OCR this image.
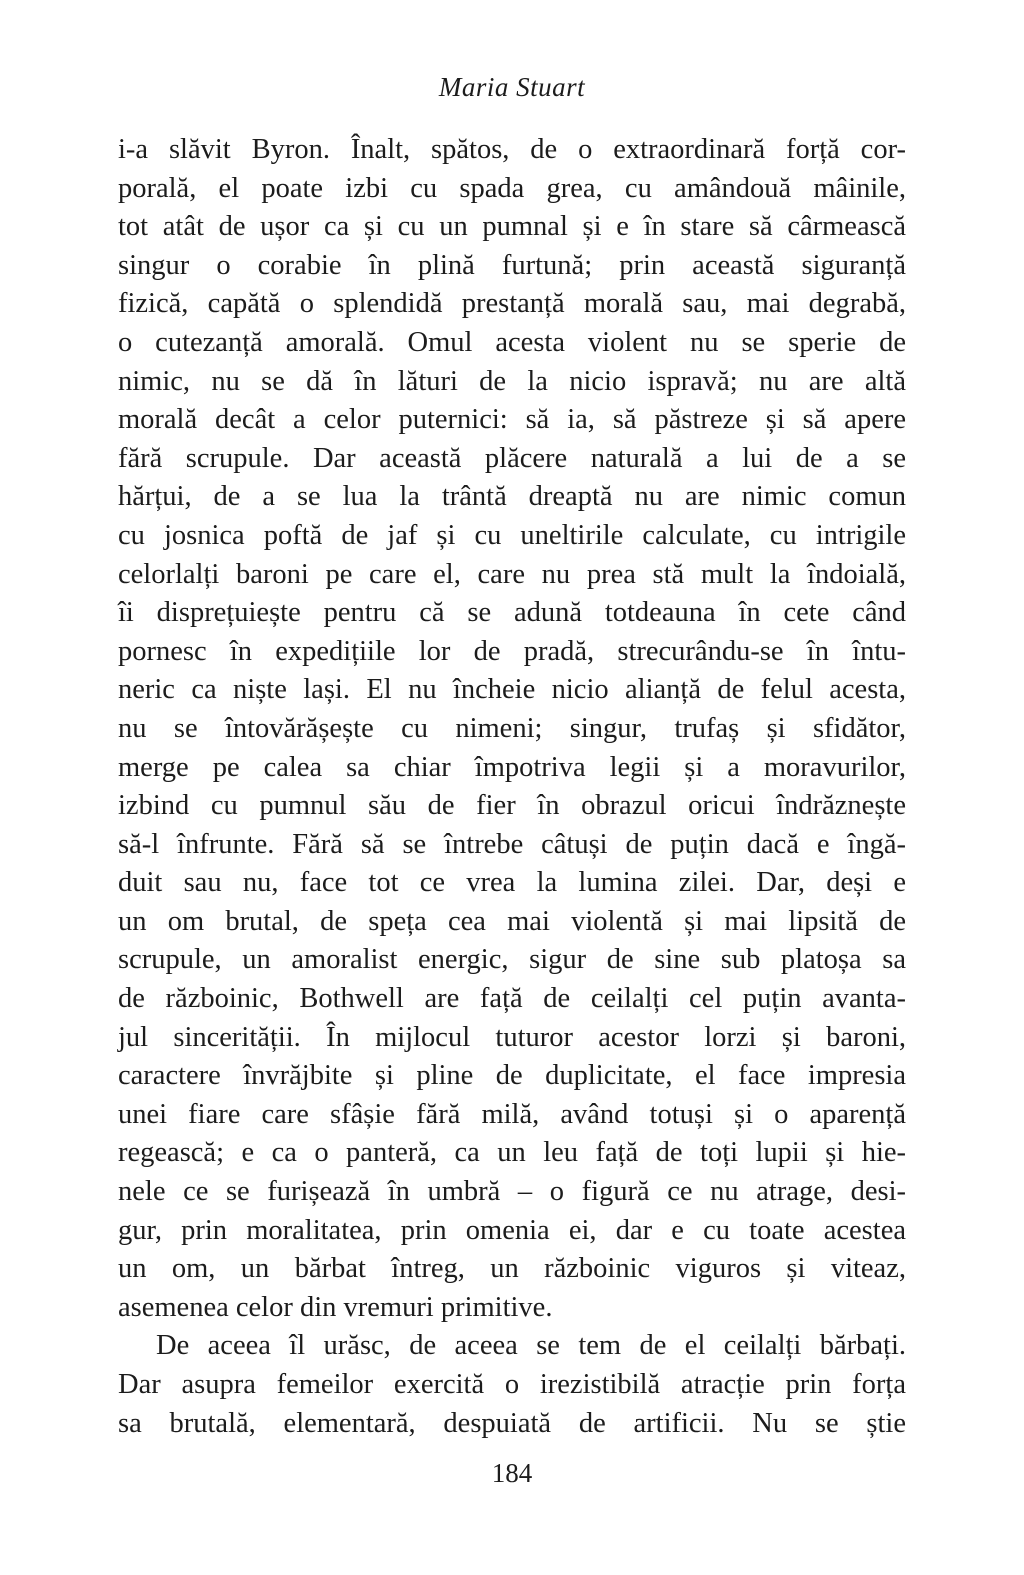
Maria Stuart
i-a slăvit Byron. Înalt, spătos, de o extraordinară forță cor-
porală, el poate izbi cu spada grea, cu amândouă mâinile,
tot atât de ușor ca și cu un pumnal și e în stare să cârmească
singur o corabie în plină furtună; prin această siguranță
fizică, capătă o splendidă prestanță morală sau, mai degrabă,
o cutezanță amorală. Omul acesta violent nu se sperie de
nimic, nu se dă în lături de la nicio ispravă; nu are altă
morală decât a celor puternici: să ia, să păstreze și să apere
fără scrupule. Dar această plăcere naturală a lui de a se
hărțui, de a se lua la trântă dreaptă nu are nimic comun
cu josnica poftă de jaf și cu uneltirile calculate, cu intrigile
celorlalți baroni pe care el, care nu prea stă mult la îndoială,
îi disprețuiește pentru că se adună totdeauna în cete când
pornesc în expedițiile lor de pradă, strecurându-se în întu-
neric ca niște lași. El nu încheie nicio alianță de felul acesta,
nu se întovărășește cu nimeni; singur, trufaș și sfidător,
merge pe calea sa chiar împotriva legii și a moravurilor,
izbind cu pumnul său de fier în obrazul oricui îndrăznește
să-l înfrunte. Fără să se întrebe câtuși de puțin dacă e îngă-
duit sau nu, face tot ce vrea la lumina zilei. Dar, deși e
un om brutal, de speța cea mai violentă și mai lipsită de
scrupule, un amoralist energic, sigur de sine sub platoșa sa
de războinic, Bothwell are față de ceilalți cel puțin avanta-
jul sincerității. În mijlocul tuturor acestor lorzi și baroni,
caractere învrăjbite și pline de duplicitate, el face impresia
unei fiare care sfâșie fără milă, având totuși și o aparență
regească; e ca o panteră, ca un leu față de toți lupii și hie-
nele ce se furișează în umbră – o figură ce nu atrage, desi-
gur, prin moralitatea, prin omenia ei, dar e cu toate acestea
un om, un bărbat întreg, un războinic viguros și viteaz,
asemenea celor din vremuri primitive.
De aceea îl urăsc, de aceea se tem de el ceilalți bărbați.
Dar asupra femeilor exercită o irezistibilă atracție prin forța
sa brutală, elementară, despuiată de artificii. Nu se știe
184
